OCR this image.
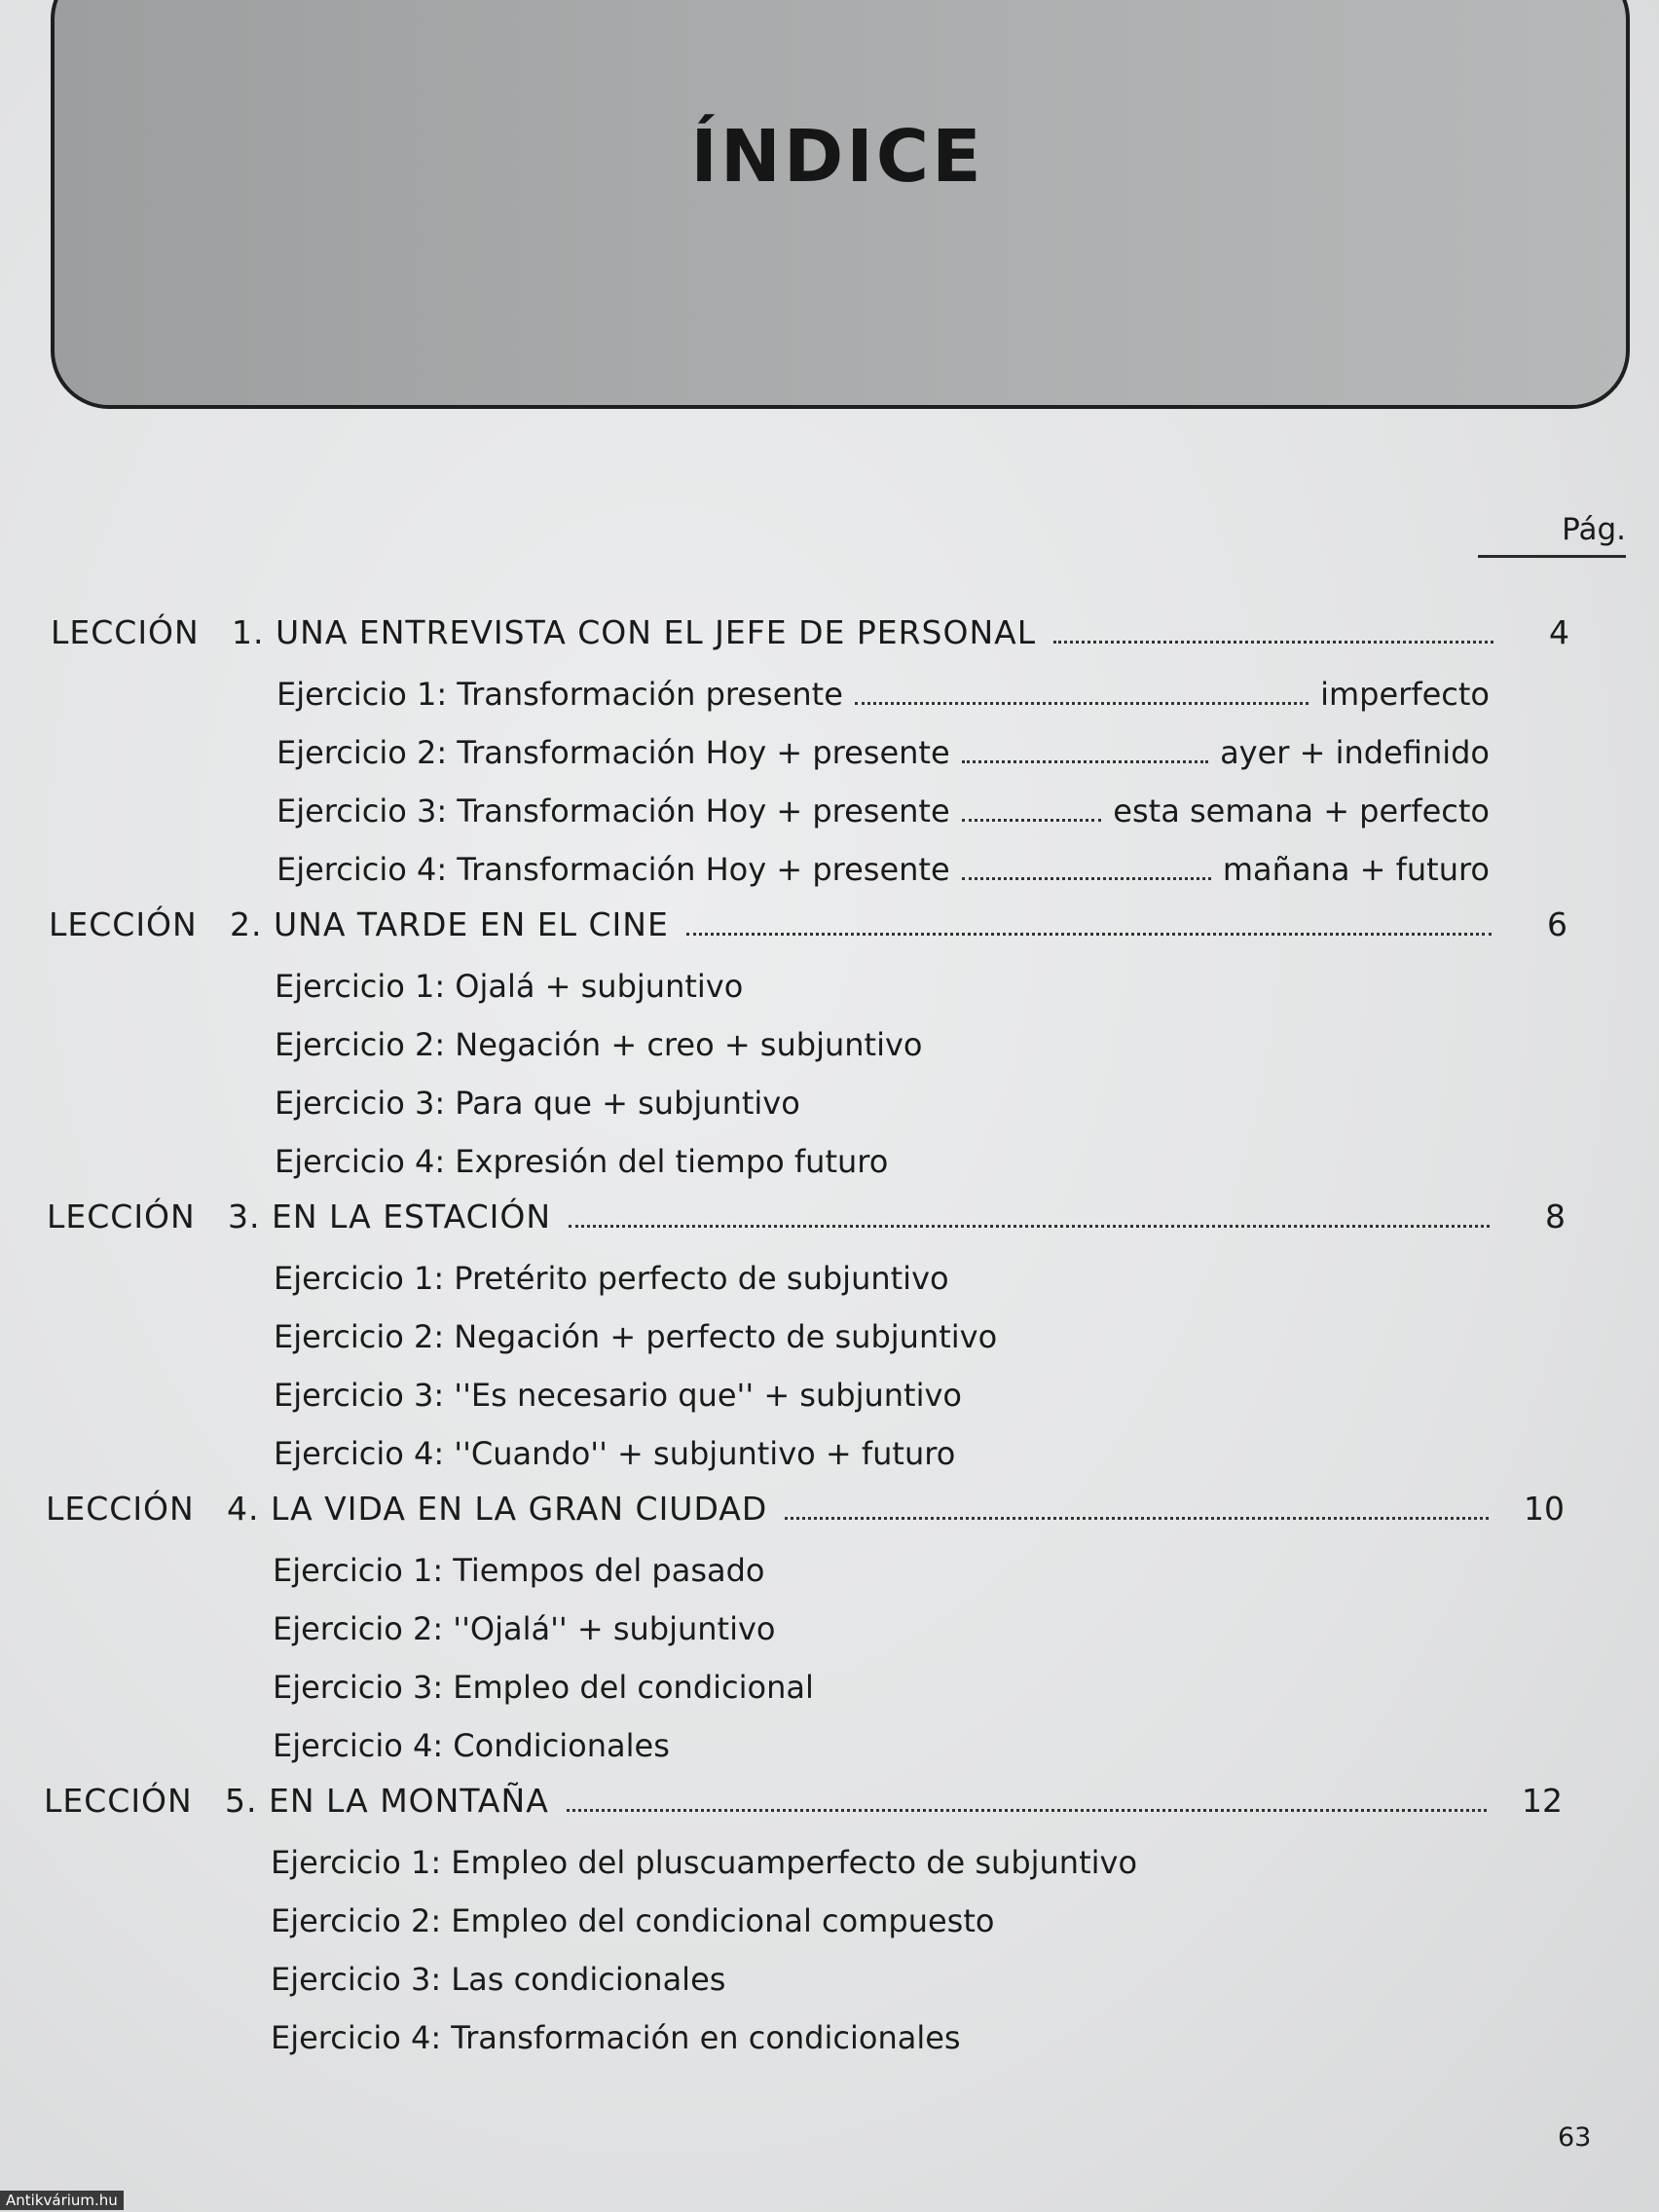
ÍNDICE
Pág.
LECCIÓN	1. UNA ENTREVISTA CON EL JEFE DE PERSONAL	4
Ejercicio 1: Transformación presente	imperfecto
Ejercicio 2: Transformación Hoy + presente	ayer + indefinido
Ejercicio 3: Transformación Hoy + presente	esta semana + perfecto
Ejercicio 4: Transformación Hoy + presente	mañana + futuro
LECCIÓN	2. UNA TARDE EN EL CINE	6
Ejercicio 1: Ojalá + subjuntivo
Ejercicio 2: Negación + creo + subjuntivo
Ejercicio 3: Para que + subjuntivo
Ejercicio 4: Expresión del tiempo futuro
LECCIÓN	3. EN LA ESTACIÓN	8
Ejercicio 1: Pretérito perfecto de subjuntivo
Ejercicio 2: Negación + perfecto de subjuntivo
Ejercicio 3: ''Es necesario que'' + subjuntivo
Ejercicio 4: ''Cuando'' + subjuntivo + futuro
LECCIÓN	4. LA VIDA EN LA GRAN CIUDAD	10
Ejercicio 1: Tiempos del pasado
Ejercicio 2: ''Ojalá'' + subjuntivo
Ejercicio 3: Empleo del condicional
Ejercicio 4: Condicionales
LECCIÓN	5. EN LA MONTAÑA	12
Ejercicio 1: Empleo del pluscuamperfecto de subjuntivo
Ejercicio 2: Empleo del condicional compuesto
Ejercicio 3: Las condicionales
Ejercicio 4: Transformación en condicionales
63
Antikvárium.hu
